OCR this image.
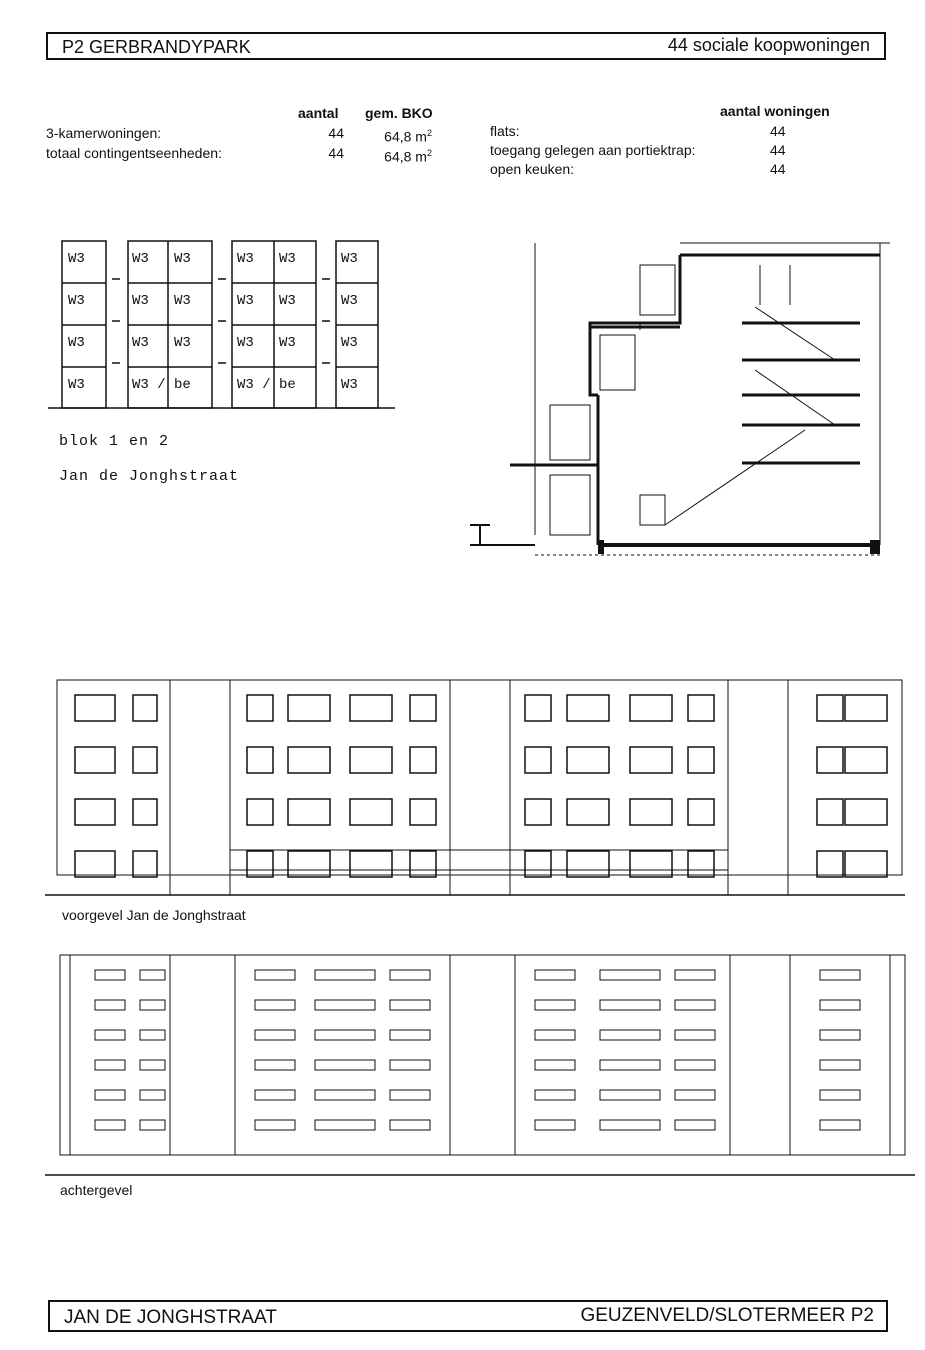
P2 GERBRANDYPARK	44 sociale koopwoningen
aantal gem. BKO
3-kamerwoningen:	44	64,8 $m^2$
totaal contingentseenheden:	44	64,8 $m^2$
aantal woningen
flats:	44
toegang gelegen aan portiektrap:	44
open keuken:	44
W3	W3 W3	W3 W3	W3
W3	W3 W3	W3 W3	W3
W3	W3 W3	W3 W3	W3
W3	W3 / be	W3 / be	W3
blok 1 en 2
Jan de Jonghstraat
voorgevel Jan de Jonghstraat
achtergevel
JAN DE JONGHSTRAAT	GEUZENVELD/SLOTERMEER P2
